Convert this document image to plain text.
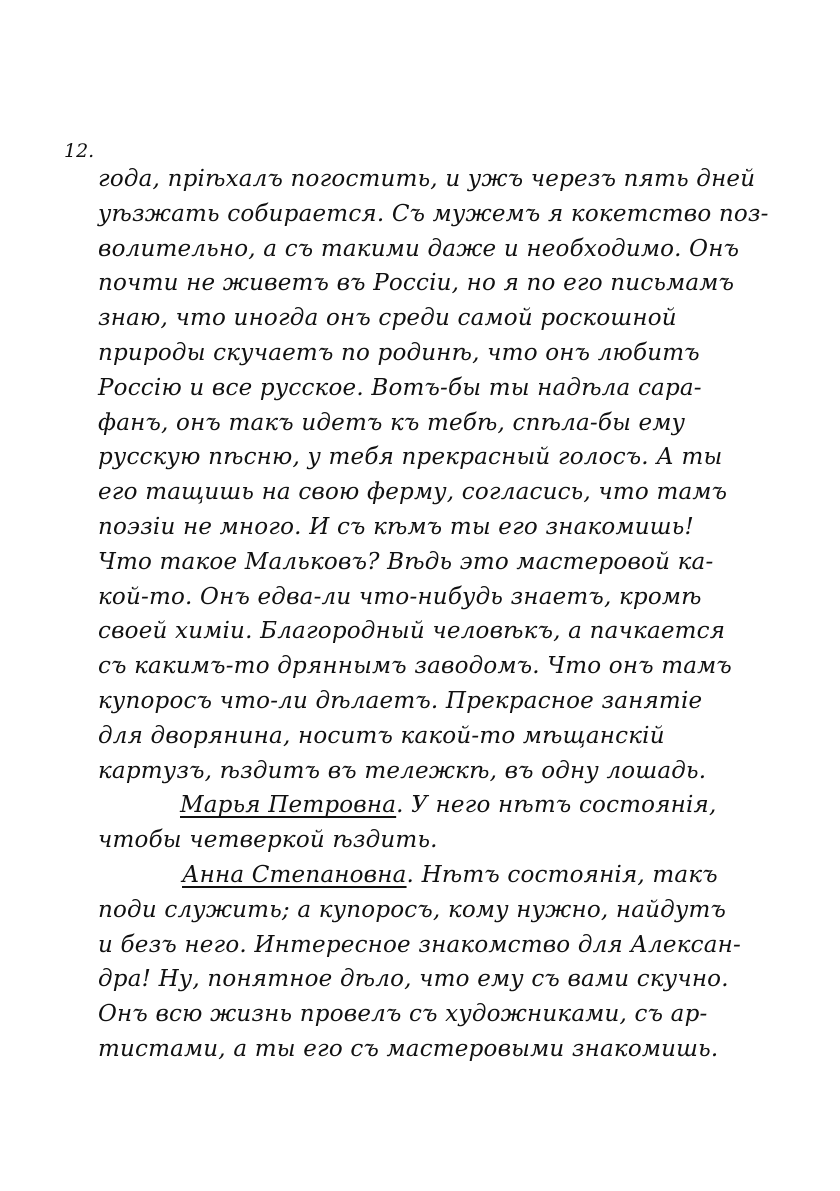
12.
года, пріѣхалъ погостить, и ужъ черезъ пять дней
уѣзжать собирается. Съ мужемъ я кокетство поз-
волительно, а съ такими даже и необходимо. Онъ
почти не живетъ въ Россіи, но я по его письмамъ
знаю, что иногда онъ среди самой роскошной
природы скучаетъ по родинѣ, что онъ любитъ
Россію и все русское. Вотъ-бы ты надѣла сара-
фанъ, онъ такъ идетъ къ тебѣ, спѣла-бы ему
русскую пѣсню, у тебя прекрасный голосъ. А ты
его тащишь на свою ферму, согласись, что тамъ
поэзіи не много. И съ кѣмъ ты его знакомишь!
Что такое Мальковъ? Вѣдь это мастеровой ка-
кой-то. Онъ едва-ли что-нибудь знаетъ, кромѣ
своей химіи. Благородный человѣкъ, а пачкается
съ какимъ-то дряннымъ заводомъ. Что онъ тамъ
купоросъ что-ли дѣлаетъ. Прекрасное занятіе
для дворянина, носитъ какой-то мѣщанскій
картузъ, ѣздитъ въ тележкѣ, въ одну лошадь.
Марья Петровна. У него нѣтъ состоянія,
чтобы четверкой ѣздить.
Анна Степановна. Нѣтъ состоянія, такъ
поди служить; а купоросъ, кому нужно, найдутъ
и безъ него. Интересное знакомство для Алексан-
дра! Ну, понятное дѣло, что ему съ вами скучно.
Онъ всю жизнь провелъ съ художниками, съ ар-
тистами, а ты его съ мастеровыми знакомишь.
